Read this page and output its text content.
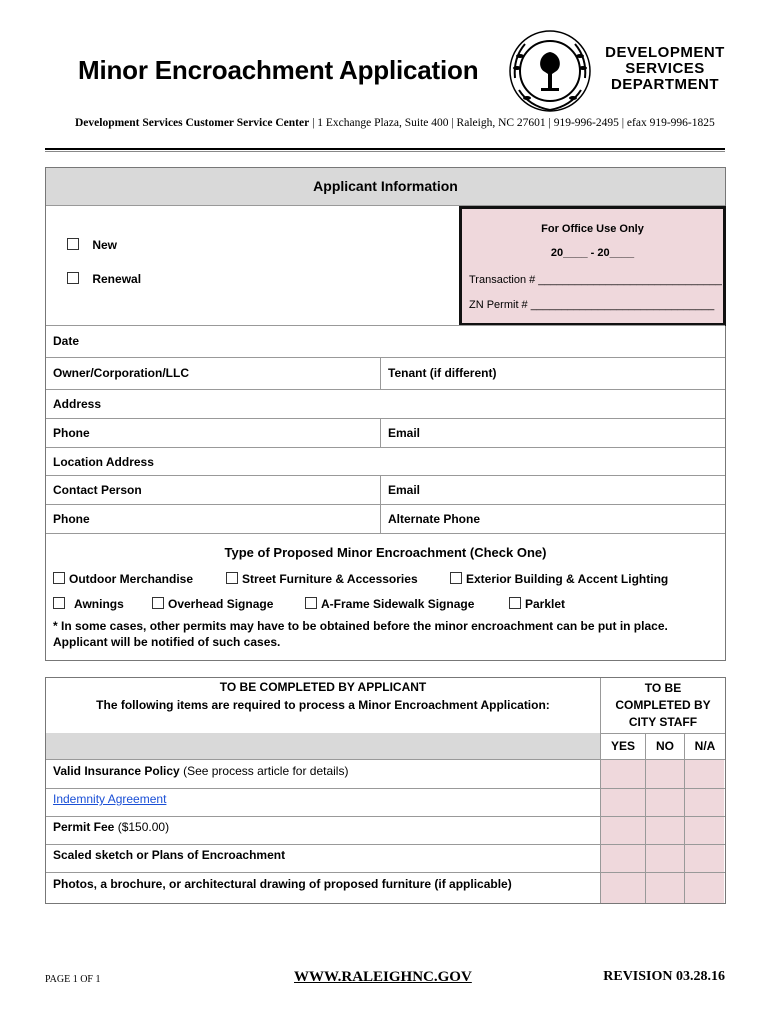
Minor Encroachment Application
DEVELOPMENT
SERVICES
DEPARTMENT
Development Services Customer Service Center | 1 Exchange Plaza, Suite 400 | Raleigh, NC 27601 | 919-996-2495 | efax 919-996-1825
Applicant Information
New
Renewal
For Office Use Only
20____ - 20____
Transaction # ______________________________
ZN Permit # ______________________________
Date
Owner/Corporation/LLC	Tenant (if different)
Address
Phone	Email
Location Address
Contact Person	Email
Phone	Alternate Phone
Type of Proposed Minor Encroachment (Check One)
Outdoor Merchandise	Street Furniture & Accessories	Exterior Building & Accent Lighting
Awnings	Overhead Signage	A-Frame Sidewalk Signage	Parklet
* In some cases, other permits may have to be obtained before the minor encroachment can be put in place.
Applicant will be notified of such cases.
TO BE COMPLETED BY APPLICANT
The following items are required to process a Minor Encroachment Application:
TO BE
COMPLETED BY
CITY STAFF
YES	NO	N/A
Valid Insurance Policy (See process article for details)
Indemnity Agreement
Permit Fee ($150.00)
Scaled sketch or Plans of Encroachment
Photos, a brochure, or architectural drawing of proposed furniture (if applicable)
PAGE 1 OF 1	WWW.RALEIGHNC.GOV	REVISION 03.28.16
